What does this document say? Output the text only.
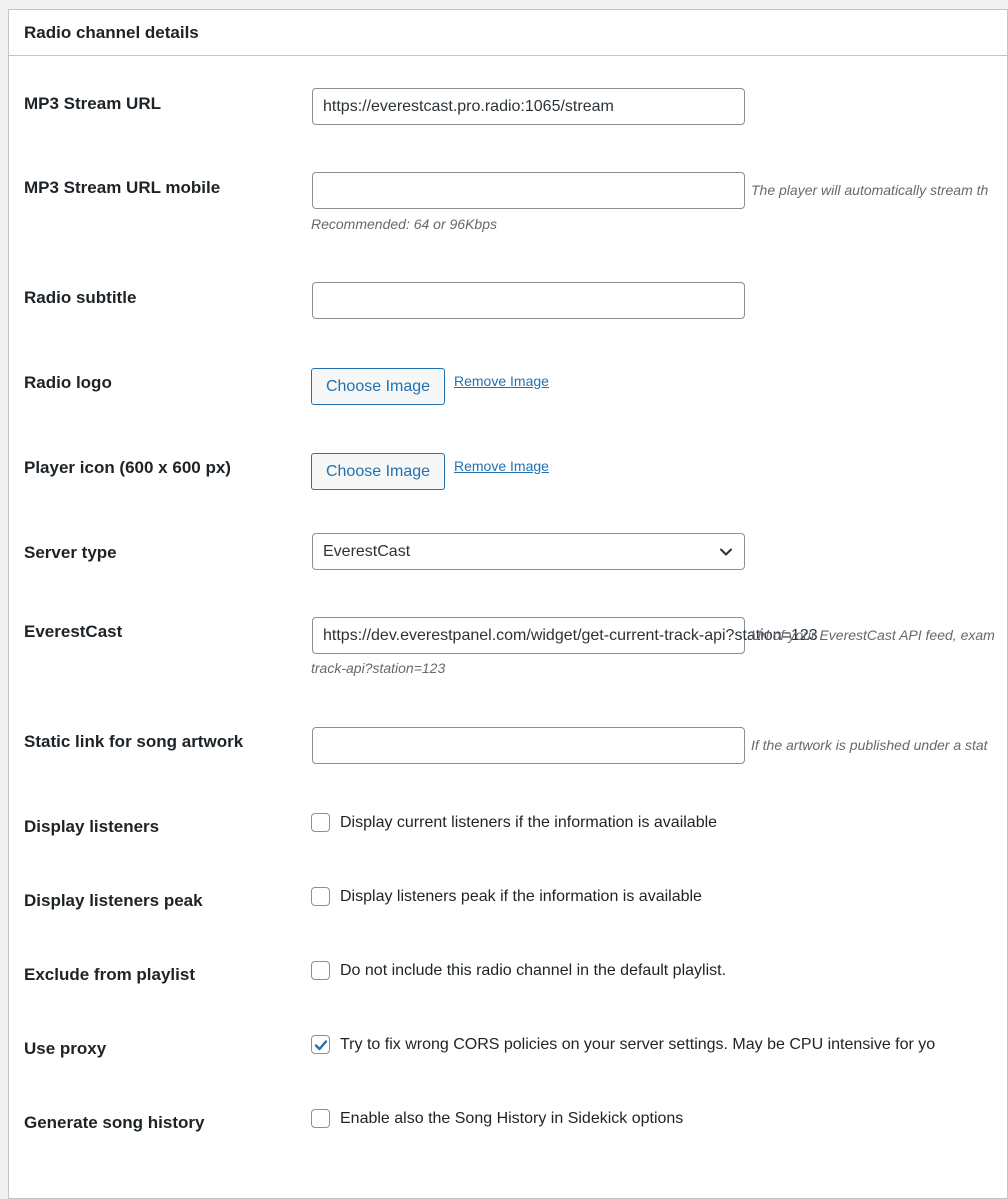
Radio channel details
MP3 Stream URL	https://everestcast.pro.radio:1065/stream
MP3 Stream URL mobile	The player will automatically stream th
Recommended: 64 or 96Kbps
Radio subtitle
Radio logo	Choose Image	Remove Image
Player icon (600 x 600 px)	Choose Image	Remove Image
Server type	EverestCast
EverestCast	https://dev.everestpanel.com/widget/get-current-track-api?station=123
Url of your EverestCast API feed, exam
track-api?station=123
Static link for song artwork	If the artwork is published under a stat
Display listeners	Display current listeners if the information is available
Display listeners peak	Display listeners peak if the information is available
Exclude from playlist	Do not include this radio channel in the default playlist.
Use proxy	Try to fix wrong CORS policies on your server settings. May be CPU intensive for yo
Generate song history	Enable also the Song History in Sidekick options
